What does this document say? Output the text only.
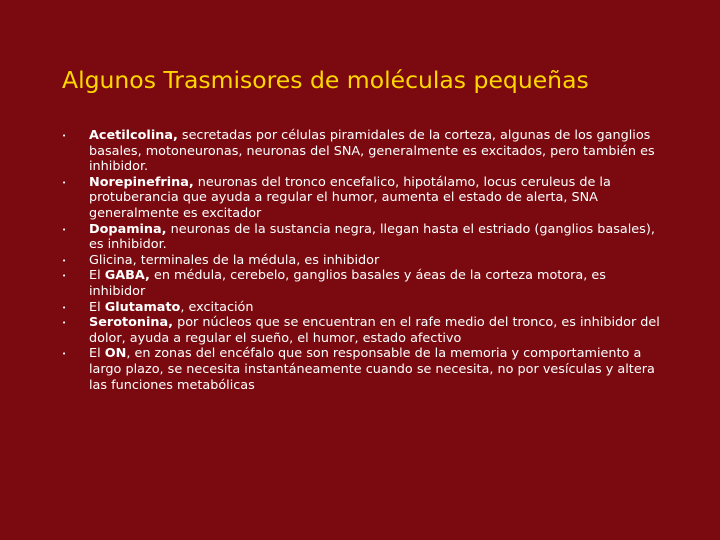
Algunos Trasmisores de moléculas pequeñas
• Acetilcolina, secretadas por células piramidales de la corteza, algunas de los ganglios basales, motoneuronas, neuronas del SNA, generalmente es excitados, pero también es inhibidor.
• Norepinefrina, neuronas del tronco encefalico, hipotálamo, locus ceruleus de la protuberancia que ayuda a regular el humor, aumenta el estado de alerta, SNA generalmente es excitador
• Dopamina, neuronas de la sustancia negra, llegan hasta el estriado (ganglios basales), es inhibidor.
• Glicina, terminales de la médula, es inhibidor
• El GABA, en médula, cerebelo, ganglios basales y áeas de la corteza motora, es inhibidor
• El Glutamato, excitación
• Serotonina, por núcleos que se encuentran en el rafe medio del tronco, es inhibidor del dolor, ayuda a regular el sueño, el humor, estado afectivo
• El ON, en zonas del encéfalo que son responsable de la memoria y comportamiento a largo plazo, se necesita instantáneamente cuando se necesita, no por vesículas y altera las funciones metabólicas
